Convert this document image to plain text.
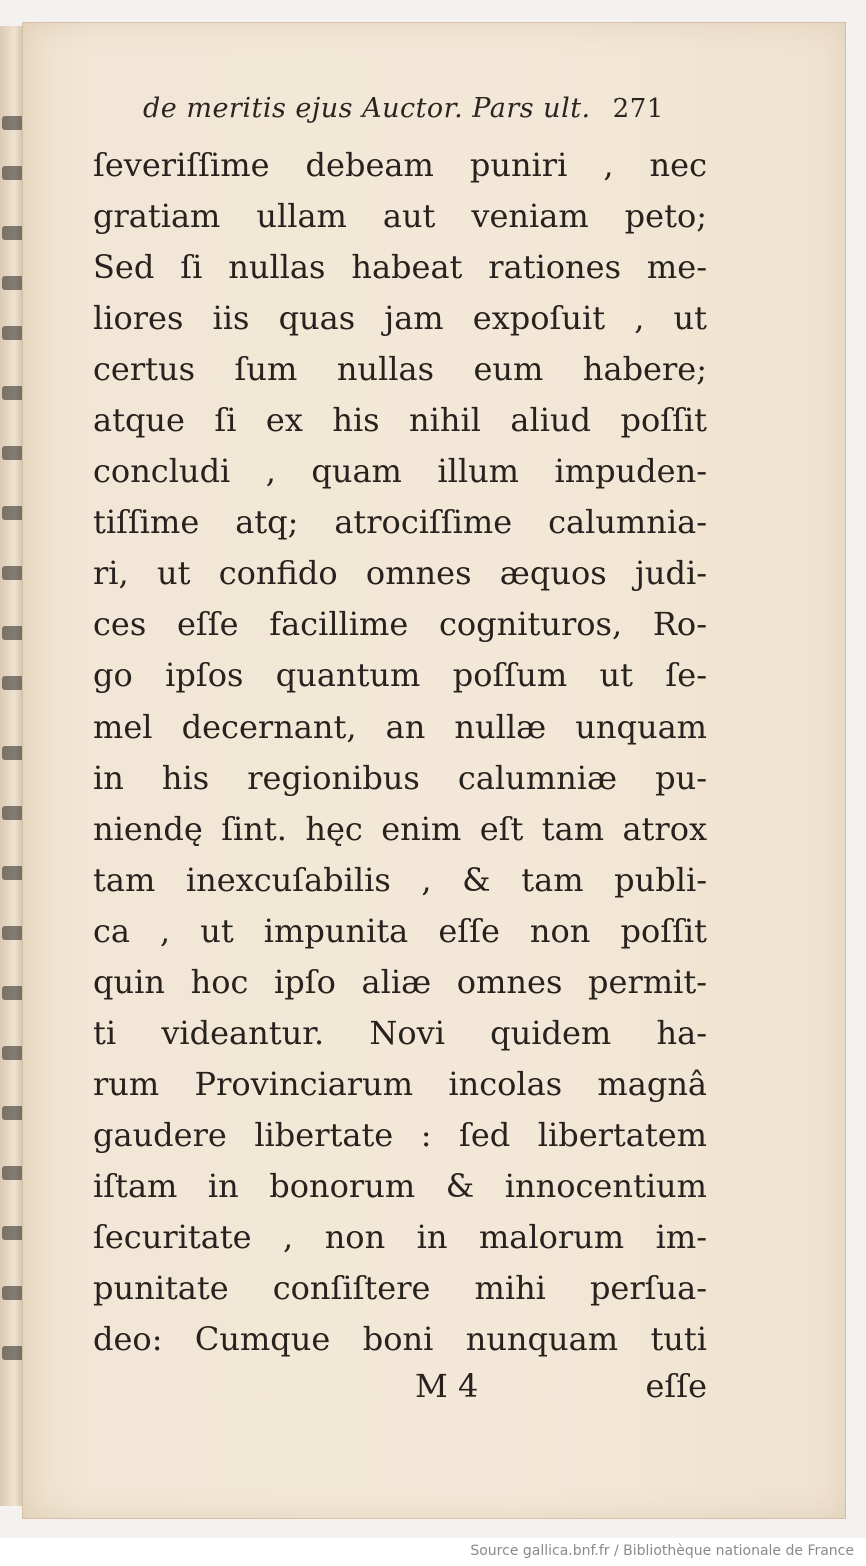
de meritis ejus Auctor. Pars ult. 271
ſeveriſſime debeam puniri , nec
gratiam ullam aut veniam peto;
Sed ſi nullas habeat rationes me-
liores iis quas jam expoſuit , ut
certus ſum nullas eum habere;
atque ſi ex his nihil aliud poſſit
concludi , quam illum impuden-
tiſſime atq; atrociſſime calumnia-
ri, ut confido omnes æquos judi-
ces eſſe facillime cognituros, Ro-
go ipſos quantum poſſum ut ſe-
mel decernant, an nullæ unquam
in his regionibus calumniæ pu-
niendę ſint. hęc enim eſt tam atrox
tam inexcuſabilis , & tam publi-
ca , ut impunita eſſe non poſſit
quin hoc ipſo aliæ omnes permit-
ti videantur. Novi quidem ha-
rum Provinciarum incolas magnâ
gaudere libertate : ſed libertatem
iſtam in bonorum & innocentium
ſecuritate , non in malorum im-
punitate conſiſtere mihi perſua-
deo: Cumque boni nunquam tuti
M 4	eſſe
Source gallica.bnf.fr / Bibliothèque nationale de France
